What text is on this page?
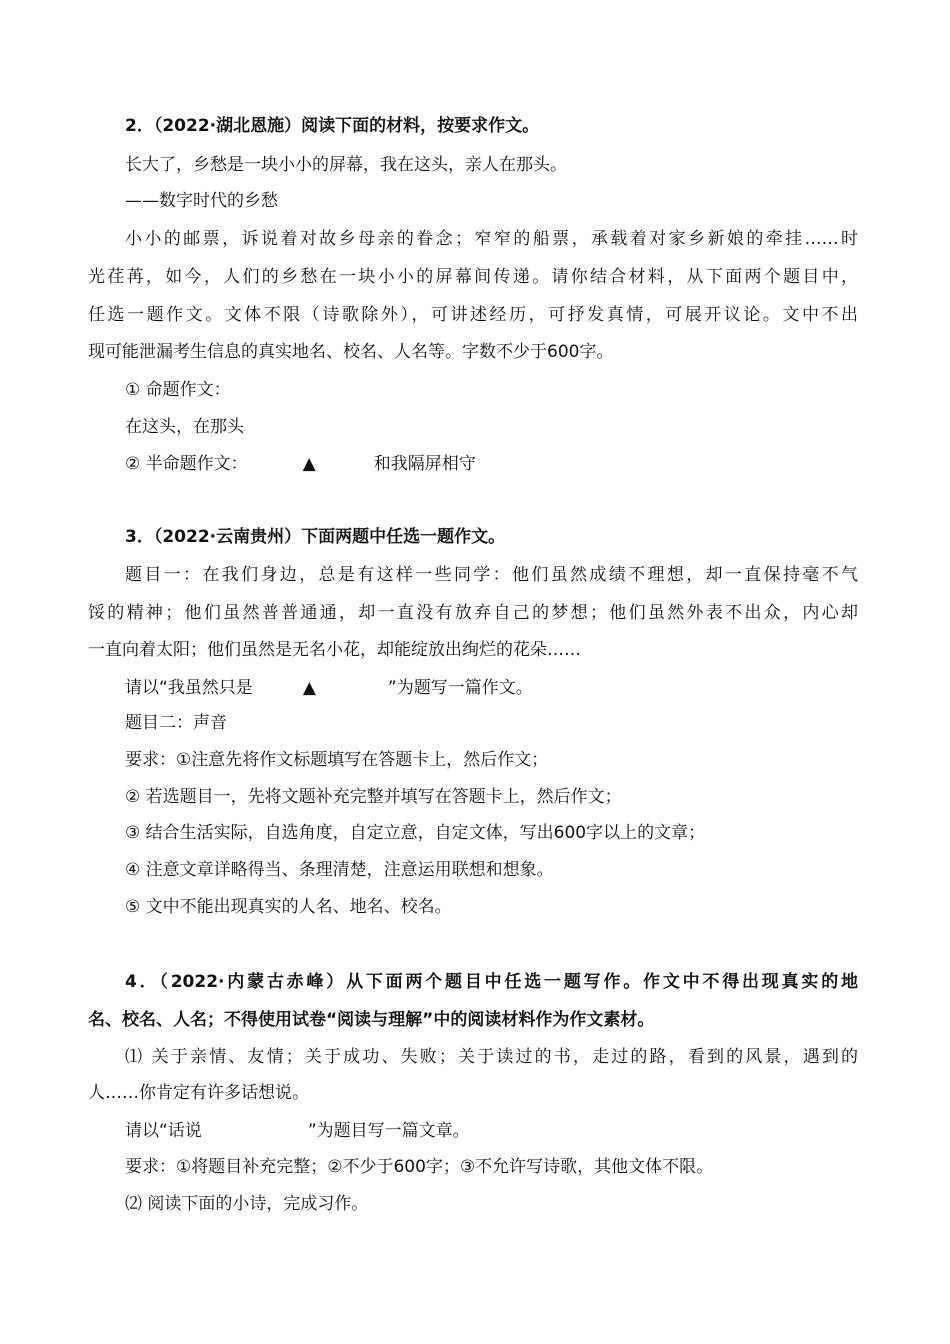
2．（2022·湖北恩施）阅读下面的材料，按要求作文。
长大了，乡愁是一块小小的屏幕，我在这头，亲人在那头。
——数字时代的乡愁
小小的邮票，诉说着对故乡母亲的眷念；窄窄的船票，承载着对家乡新娘的牵挂……时
光荏苒，如今，人们的乡愁在一块小小的屏幕间传递。请你结合材料，从下面两个题目中，
任选一题作文。文体不限（诗歌除外），可讲述经历，可抒发真情，可展开议论。文中不出
现可能泄漏考生信息的真实地名、校名、人名等。字数不少于600字。
① 命题作文：
在这头，在那头
② 半命题作文：	▲	和我隔屏相守
3．（2022·云南贵州）下面两题中任选一题作文。
题目一：在我们身边，总是有这样一些同学：他们虽然成绩不理想，却一直保持毫不气
馁的精神；他们虽然普普通通，却一直没有放弃自己的梦想；他们虽然外表不出众，内心却
一直向着太阳；他们虽然是无名小花，却能绽放出绚烂的花朵……
请以“我虽然只是	▲	”为题写一篇作文。
题目二：声音
要求：①注意先将作文标题填写在答题卡上，然后作文；
② 若选题目一，先将文题补充完整并填写在答题卡上，然后作文；
③ 结合生活实际，自选角度，自定立意，自定文体，写出600字以上的文章；
④ 注意文章详略得当、条理清楚，注意运用联想和想象。
⑤ 文中不能出现真实的人名、地名、校名。
4．（2022·内蒙古赤峰）从下面两个题目中任选一题写作。作文中不得出现真实的地
名、校名、人名；不得使用试卷“阅读与理解”中的阅读材料作为作文素材。
⑴ 关于亲情、友情；关于成功、失败；关于读过的书，走过的路，看到的风景，遇到的
人……你肯定有许多话想说。
请以“话说	”为题目写一篇文章。
要求：①将题目补充完整；②不少于600字；③不允许写诗歌，其他文体不限。
⑵ 阅读下面的小诗，完成习作。
